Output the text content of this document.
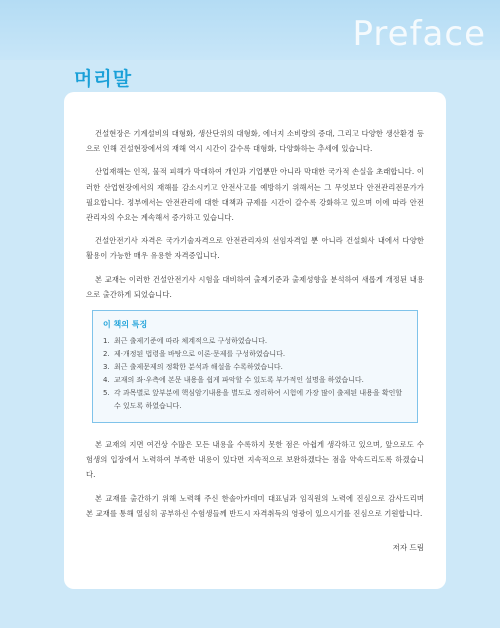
Preface
머리말

건설현장은 기계설비의 대형화, 생산단위의 대형화, 에너지 소비량의 증대, 그리고 다양한 생산환경 등으로 인해 건설현장에서의 재해 역시 시간이 갈수록 대형화, 다양화하는 추세에 있습니다.

산업재해는 인적, 물적 피해가 막대하여 개인과 기업뿐만 아니라 막대한 국가적 손실을 초래합니다. 이러한 산업현장에서의 재해를 감소시키고 안전사고를 예방하기 위해서는 그 무엇보다 안전관리전문가가 필요합니다. 정부에서는 안전관리에 대한 대책과 규제를 시간이 갈수록 강화하고 있으며 이에 따라 안전관리자의 수요는 계속해서 증가하고 있습니다.

건설안전기사 자격은 국가기술자격으로 안전관리자의 선임자격일 뿐 아니라 건설회사 내에서 다양한 활용이 가능한 매우 유용한 자격증입니다.

본 교재는 이러한 건설안전기사 시험을 대비하여 출제기준과 출제성향을 분석하여 새롭게 개정된 내용으로 출간하게 되었습니다.

이 책의 특징
1. 최근 출제기준에 따라 체계적으로 구성하였습니다.
2. 제·개정된 법령을 바탕으로 이론·문제를 구성하였습니다.
3. 최근 출제문제의 정확한 분석과 해설을 수록하였습니다.
4. 교재의 좌·우측에 본문 내용을 쉽게 파악할 수 있도록 부가적인 설명을 하였습니다.
5. 각 과목별로 앞부분에 핵심암기내용을 별도로 정리하여 시험에 가장 많이 출제된 내용을 확인할 수 있도록 하였습니다.

본 교재의 지면 여건상 수많은 모든 내용을 수록하지 못한 점은 아쉽게 생각하고 있으며, 앞으로도 수험생의 입장에서 노력하여 부족한 내용이 있다면 지속적으로 보완하겠다는 점을 약속드리도록 하겠습니다.

본 교재를 출간하기 위해 노력해 주신 한솔아카데미 대표님과 임직원의 노력에 진심으로 감사드리며 본 교재를 통해 열심히 공부하신 수험생들께 반드시 자격취득의 영광이 있으시기를 진심으로 기원합니다.

저자 드림
